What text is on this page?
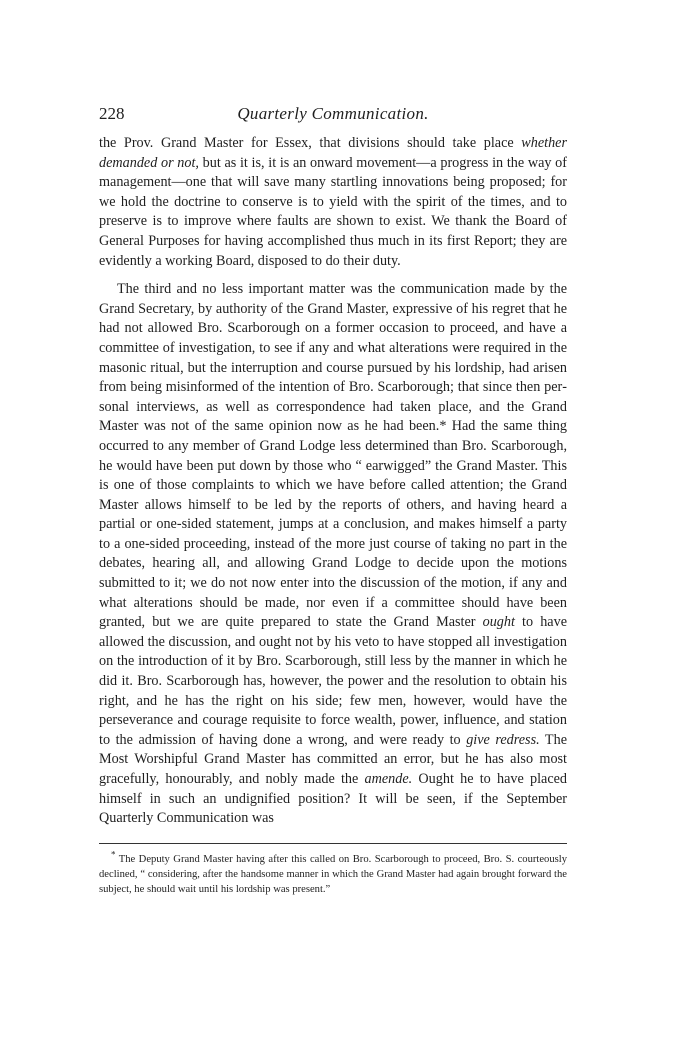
228	Quarterly Communication.

the Prov. Grand Master for Essex, that divisions should take place whether demanded or not, but as it is, it is an onward movement—a progress in the way of management—one that will save many startling innovations being proposed; for we hold the doctrine to conserve is to yield with the spirit of the times, and to preserve is to improve where faults are shown to exist. We thank the Board of General Purposes for having accomplished thus much in its first Report; they are evidently a working Board, disposed to do their duty.

The third and no less important matter was the communication made by the Grand Secretary, by authority of the Grand Master, expressive of his regret that he had not allowed Bro. Scarborough on a former occasion to proceed, and have a committee of investigation, to see if any and what alterations were required in the masonic ritual, but the interruption and course pursued by his lordship, had arisen from being misinformed of the intention of Bro. Scarborough; that since then personal interviews, as well as correspondence had taken place, and the Grand Master was not of the same opinion now as he had been.* Had the same thing occurred to any member of Grand Lodge less determined than Bro. Scarborough, he would have been put down by those who “ earwigged” the Grand Master. This is one of those complaints to which we have before called attention; the Grand Master allows himself to be led by the reports of others, and having heard a partial or one-sided statement, jumps at a conclusion, and makes himself a party to a one-sided proceeding, instead of the more just course of taking no part in the debates, hearing all, and allowing Grand Lodge to decide upon the motions submitted to it; we do not now enter into the discussion of the motion, if any and what alterations should be made, nor even if a committee should have been granted, but we are quite prepared to state the Grand Master ought to have allowed the discussion, and ought not by his veto to have stopped all investigation on the introduction of it by Bro. Scarborough, still less by the manner in which he did it. Bro. Scarborough has, however, the power and the resolution to obtain his right, and he has the right on his side; few men, however, would have the perseverance and courage requisite to force wealth, power, influence, and station to the admission of having done a wrong, and were ready to give redress. The Most Worshipful Grand Master has committed an error, but he has also most gracefully, honourably, and nobly made the amende. Ought he to have placed himself in such an undignified position? It will be seen, if the September Quarterly Communication was

* The Deputy Grand Master having after this called on Bro. Scarborough to proceed, Bro. S. courteously declined, “ considering, after the handsome manner in which the Grand Master had again brought forward the subject, he should wait until his lordship was present.”
